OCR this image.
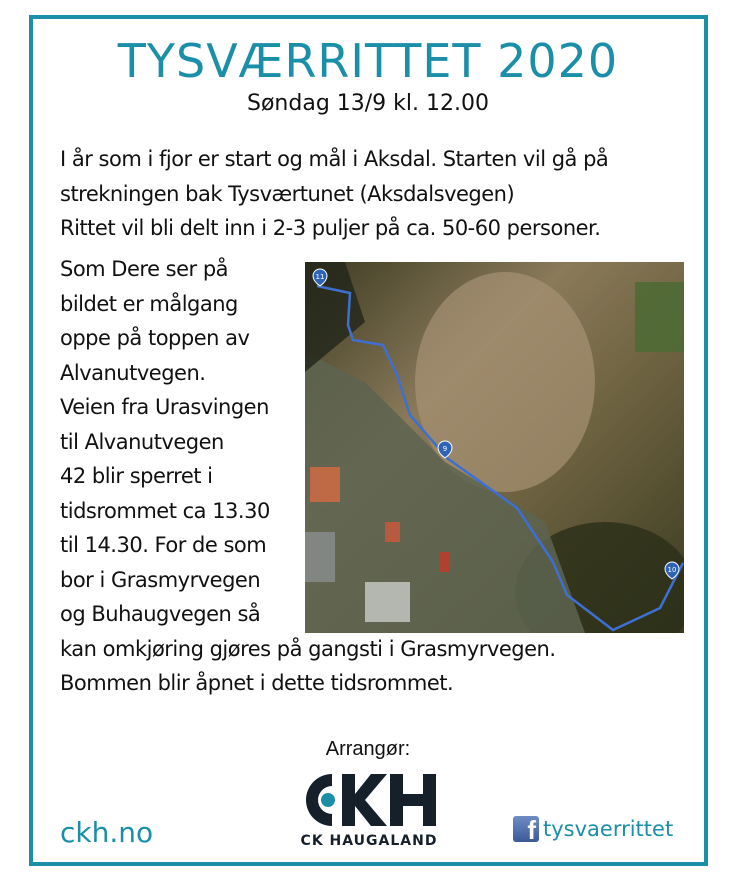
TYSVÆRRITTET 2020
Søndag 13/9 kl. 12.00
I år som i fjor er start og mål i Aksdal. Starten vil gå på
strekningen bak Tysværtunet (Aksdalsvegen)
Rittet vil bli delt inn i 2-3 puljer på ca. 50-60 personer.
Som Dere ser på
bildet er målgang
oppe på toppen av
Alvanutvegen.
Veien fra Urasvingen
til Alvanutvegen
42 blir sperret i
tidsrommet ca 13.30
til 14.30. For de som
bor i Grasmyrvegen
og Buhaugvegen så
kan omkjøring gjøres på gangsti i Grasmyrvegen.
Bommen blir åpnet i dette tidsrommet.
11
9
10
Arrangør:
CK HAUGALAND
ckh.no	f tysvaerrittet
